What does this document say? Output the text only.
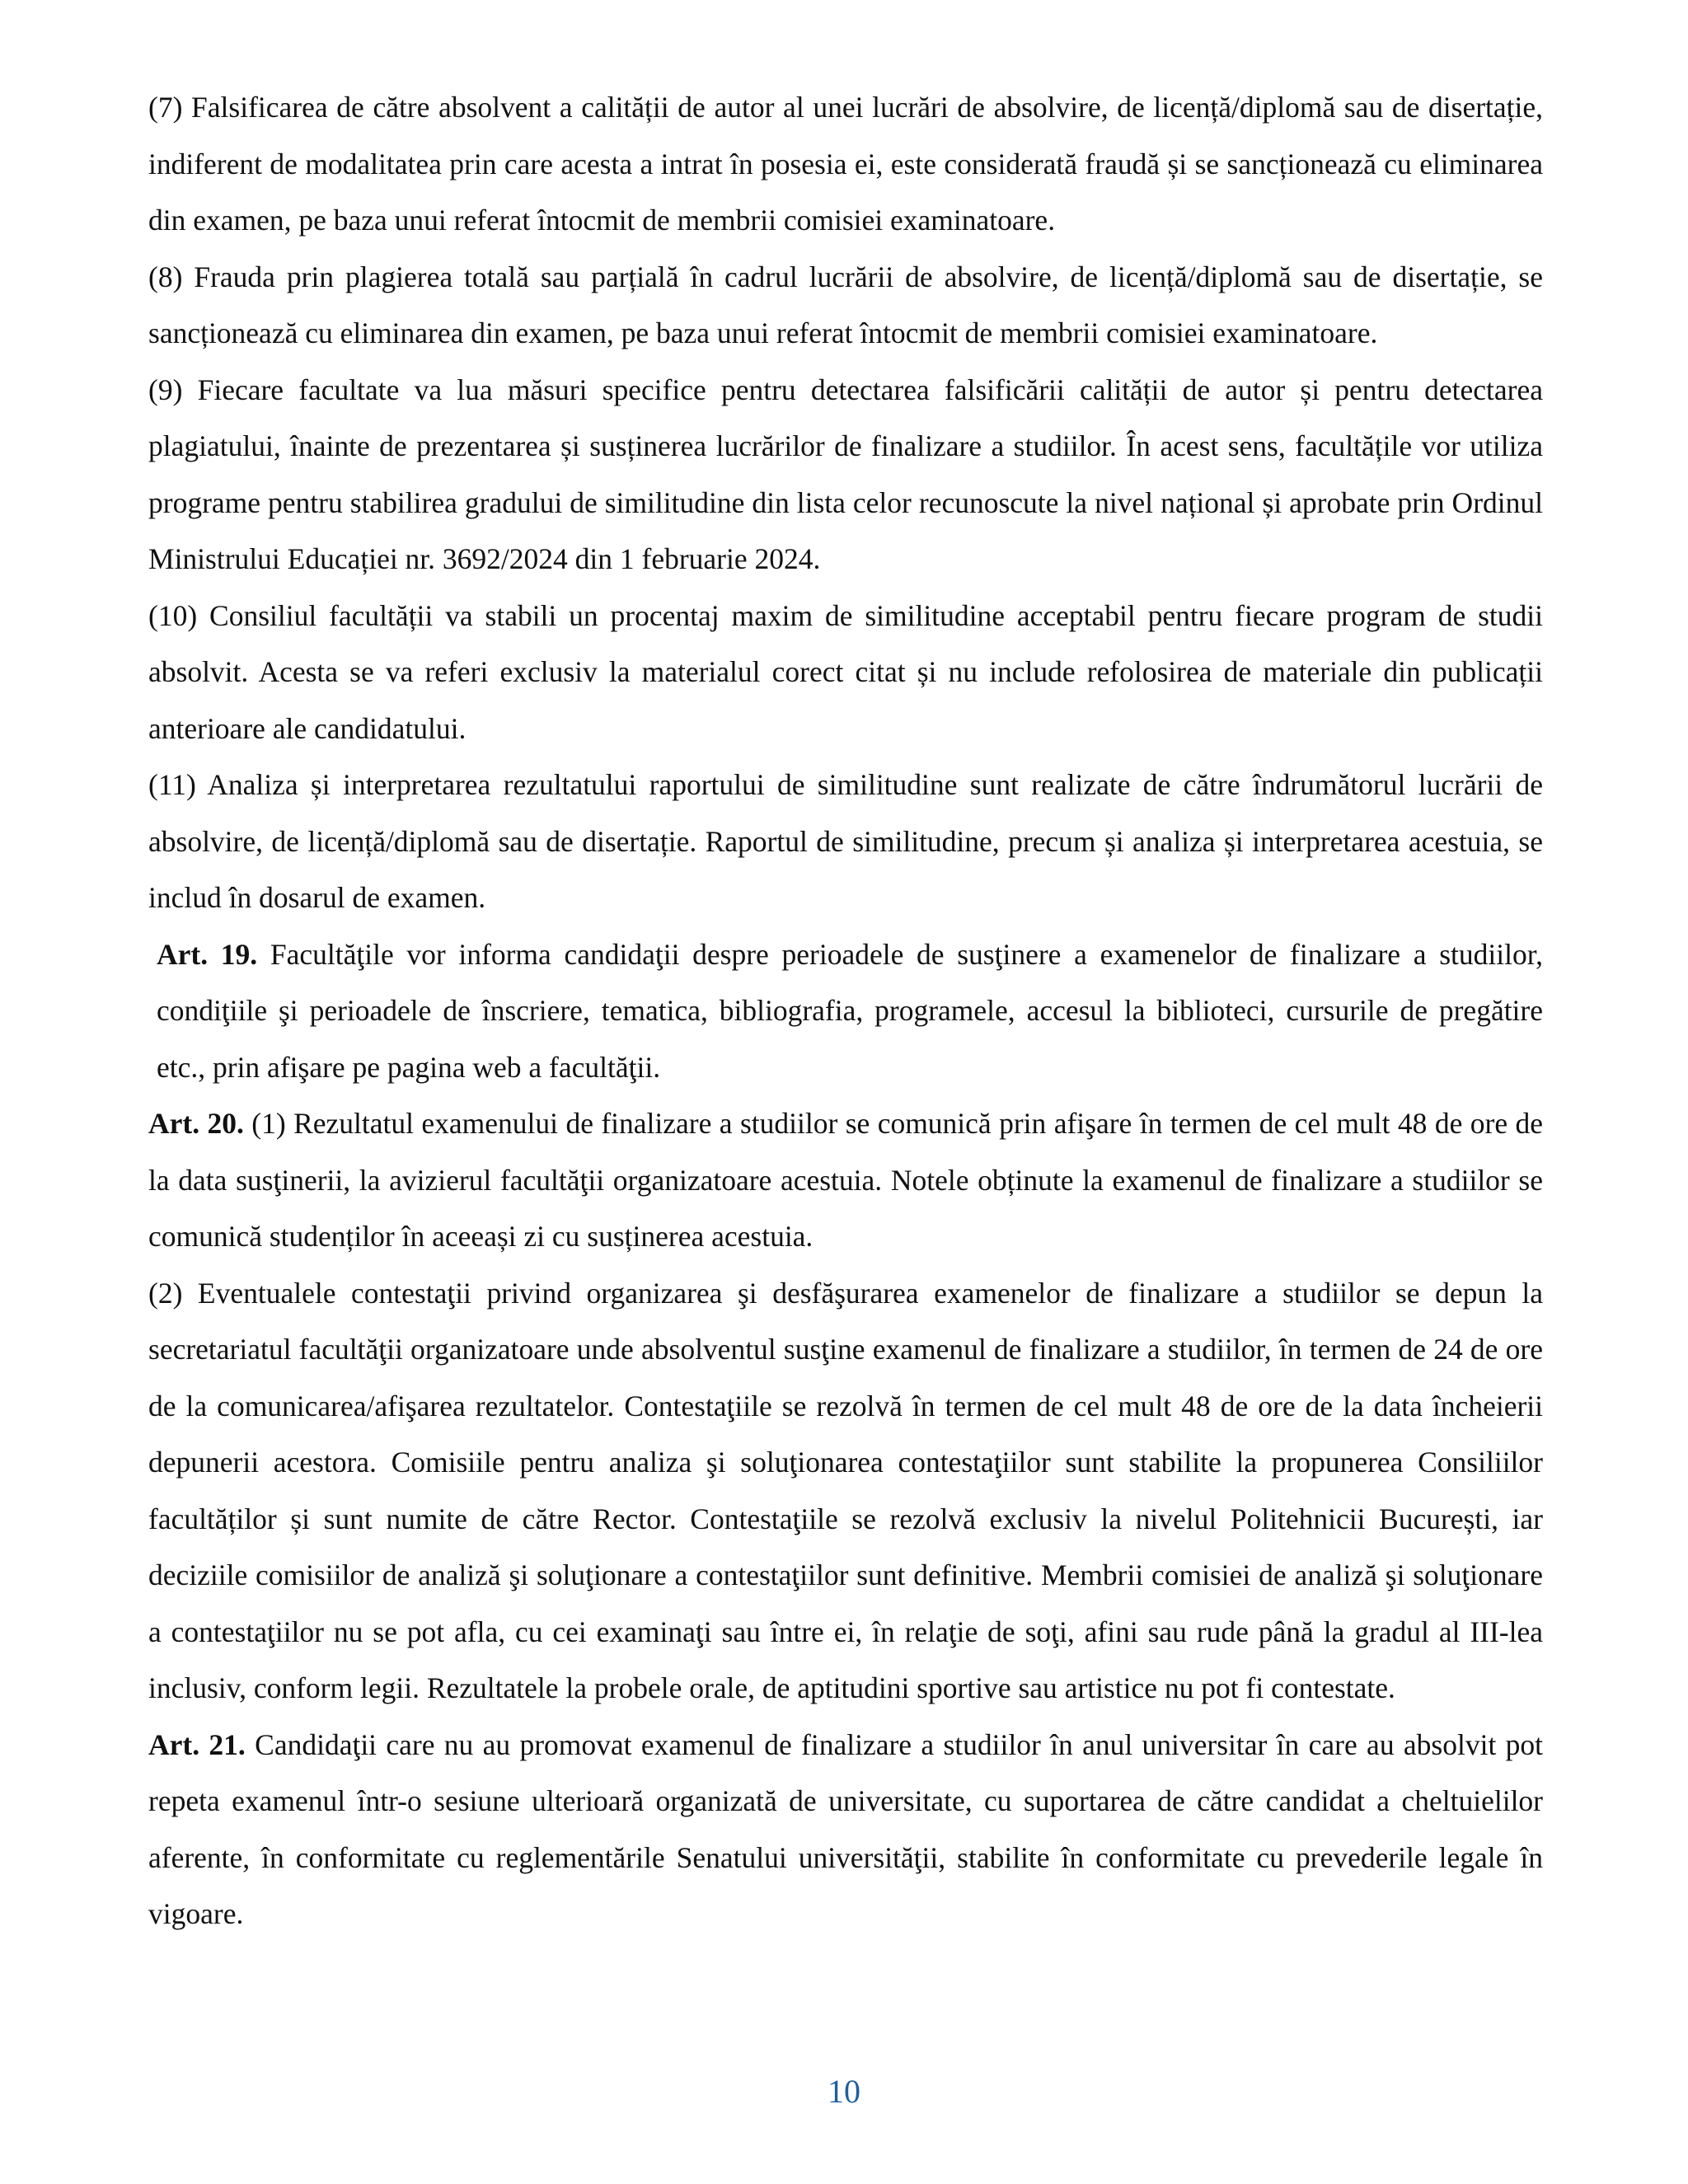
(7) Falsificarea de către absolvent a calității de autor al unei lucrări de absolvire, de licență/diplomă sau de disertație, indiferent de modalitatea prin care acesta a intrat în posesia ei, este considerată fraudă și se sancționează cu eliminarea din examen, pe baza unui referat întocmit de membrii comisiei examinatoare.

(8) Frauda prin plagierea totală sau parțială în cadrul lucrării de absolvire, de licență/diplomă sau de disertație, se sancționează cu eliminarea din examen, pe baza unui referat întocmit de membrii comisiei examinatoare.

(9) Fiecare facultate va lua măsuri specifice pentru detectarea falsificării calității de autor și pentru detectarea plagiatului, înainte de prezentarea și susținerea lucrărilor de finalizare a studiilor. În acest sens, facultățile vor utiliza programe pentru stabilirea gradului de similitudine din lista celor recunoscute la nivel național și aprobate prin Ordinul Ministrului Educației nr. 3692/2024 din 1 februarie 2024.

(10) Consiliul facultății va stabili un procentaj maxim de similitudine acceptabil pentru fiecare program de studii absolvit. Acesta se va referi exclusiv la materialul corect citat și nu include refolosirea de materiale din publicații anterioare ale candidatului.

(11) Analiza și interpretarea rezultatului raportului de similitudine sunt realizate de către îndrumătorul lucrării de absolvire, de licență/diplomă sau de disertație. Raportul de similitudine, precum și analiza și interpretarea acestuia, se includ în dosarul de examen.

Art. 19. Facultăţile vor informa candidaţii despre perioadele de susţinere a examenelor de finalizare a studiilor, condiţiile şi perioadele de înscriere, tematica, bibliografia, programele, accesul la biblioteci, cursurile de pregătire etc., prin afişare pe pagina web a facultăţii.

Art. 20. (1) Rezultatul examenului de finalizare a studiilor se comunică prin afişare în termen de cel mult 48 de ore de la data susţinerii, la avizierul facultăţii organizatoare acestuia. Notele obținute la examenul de finalizare a studiilor se comunică studenților în aceeași zi cu susținerea acestuia.

(2) Eventualele contestaţii privind organizarea şi desfăşurarea examenelor de finalizare a studiilor se depun la secretariatul facultăţii organizatoare unde absolventul susţine examenul de finalizare a studiilor, în termen de 24 de ore de la comunicarea/afişarea rezultatelor. Contestaţiile se rezolvă în termen de cel mult 48 de ore de la data încheierii depunerii acestora. Comisiile pentru analiza şi soluţionarea contestaţiilor sunt stabilite la propunerea Consiliilor facultăților și sunt numite de către Rector. Contestaţiile se rezolvă exclusiv la nivelul Politehnicii București, iar deciziile comisiilor de analiză şi soluţionare a contestaţiilor sunt definitive. Membrii comisiei de analiză şi soluţionare a contestaţiilor nu se pot afla, cu cei examinaţi sau între ei, în relaţie de soţi, afini sau rude până la gradul al III-lea inclusiv, conform legii. Rezultatele la probele orale, de aptitudini sportive sau artistice nu pot fi contestate.

Art. 21. Candidaţii care nu au promovat examenul de finalizare a studiilor în anul universitar în care au absolvit pot repeta examenul într-o sesiune ulterioară organizată de universitate, cu suportarea de către candidat a cheltuielilor aferente, în conformitate cu reglementările Senatului universităţii, stabilite în conformitate cu prevederile legale în vigoare.

10
